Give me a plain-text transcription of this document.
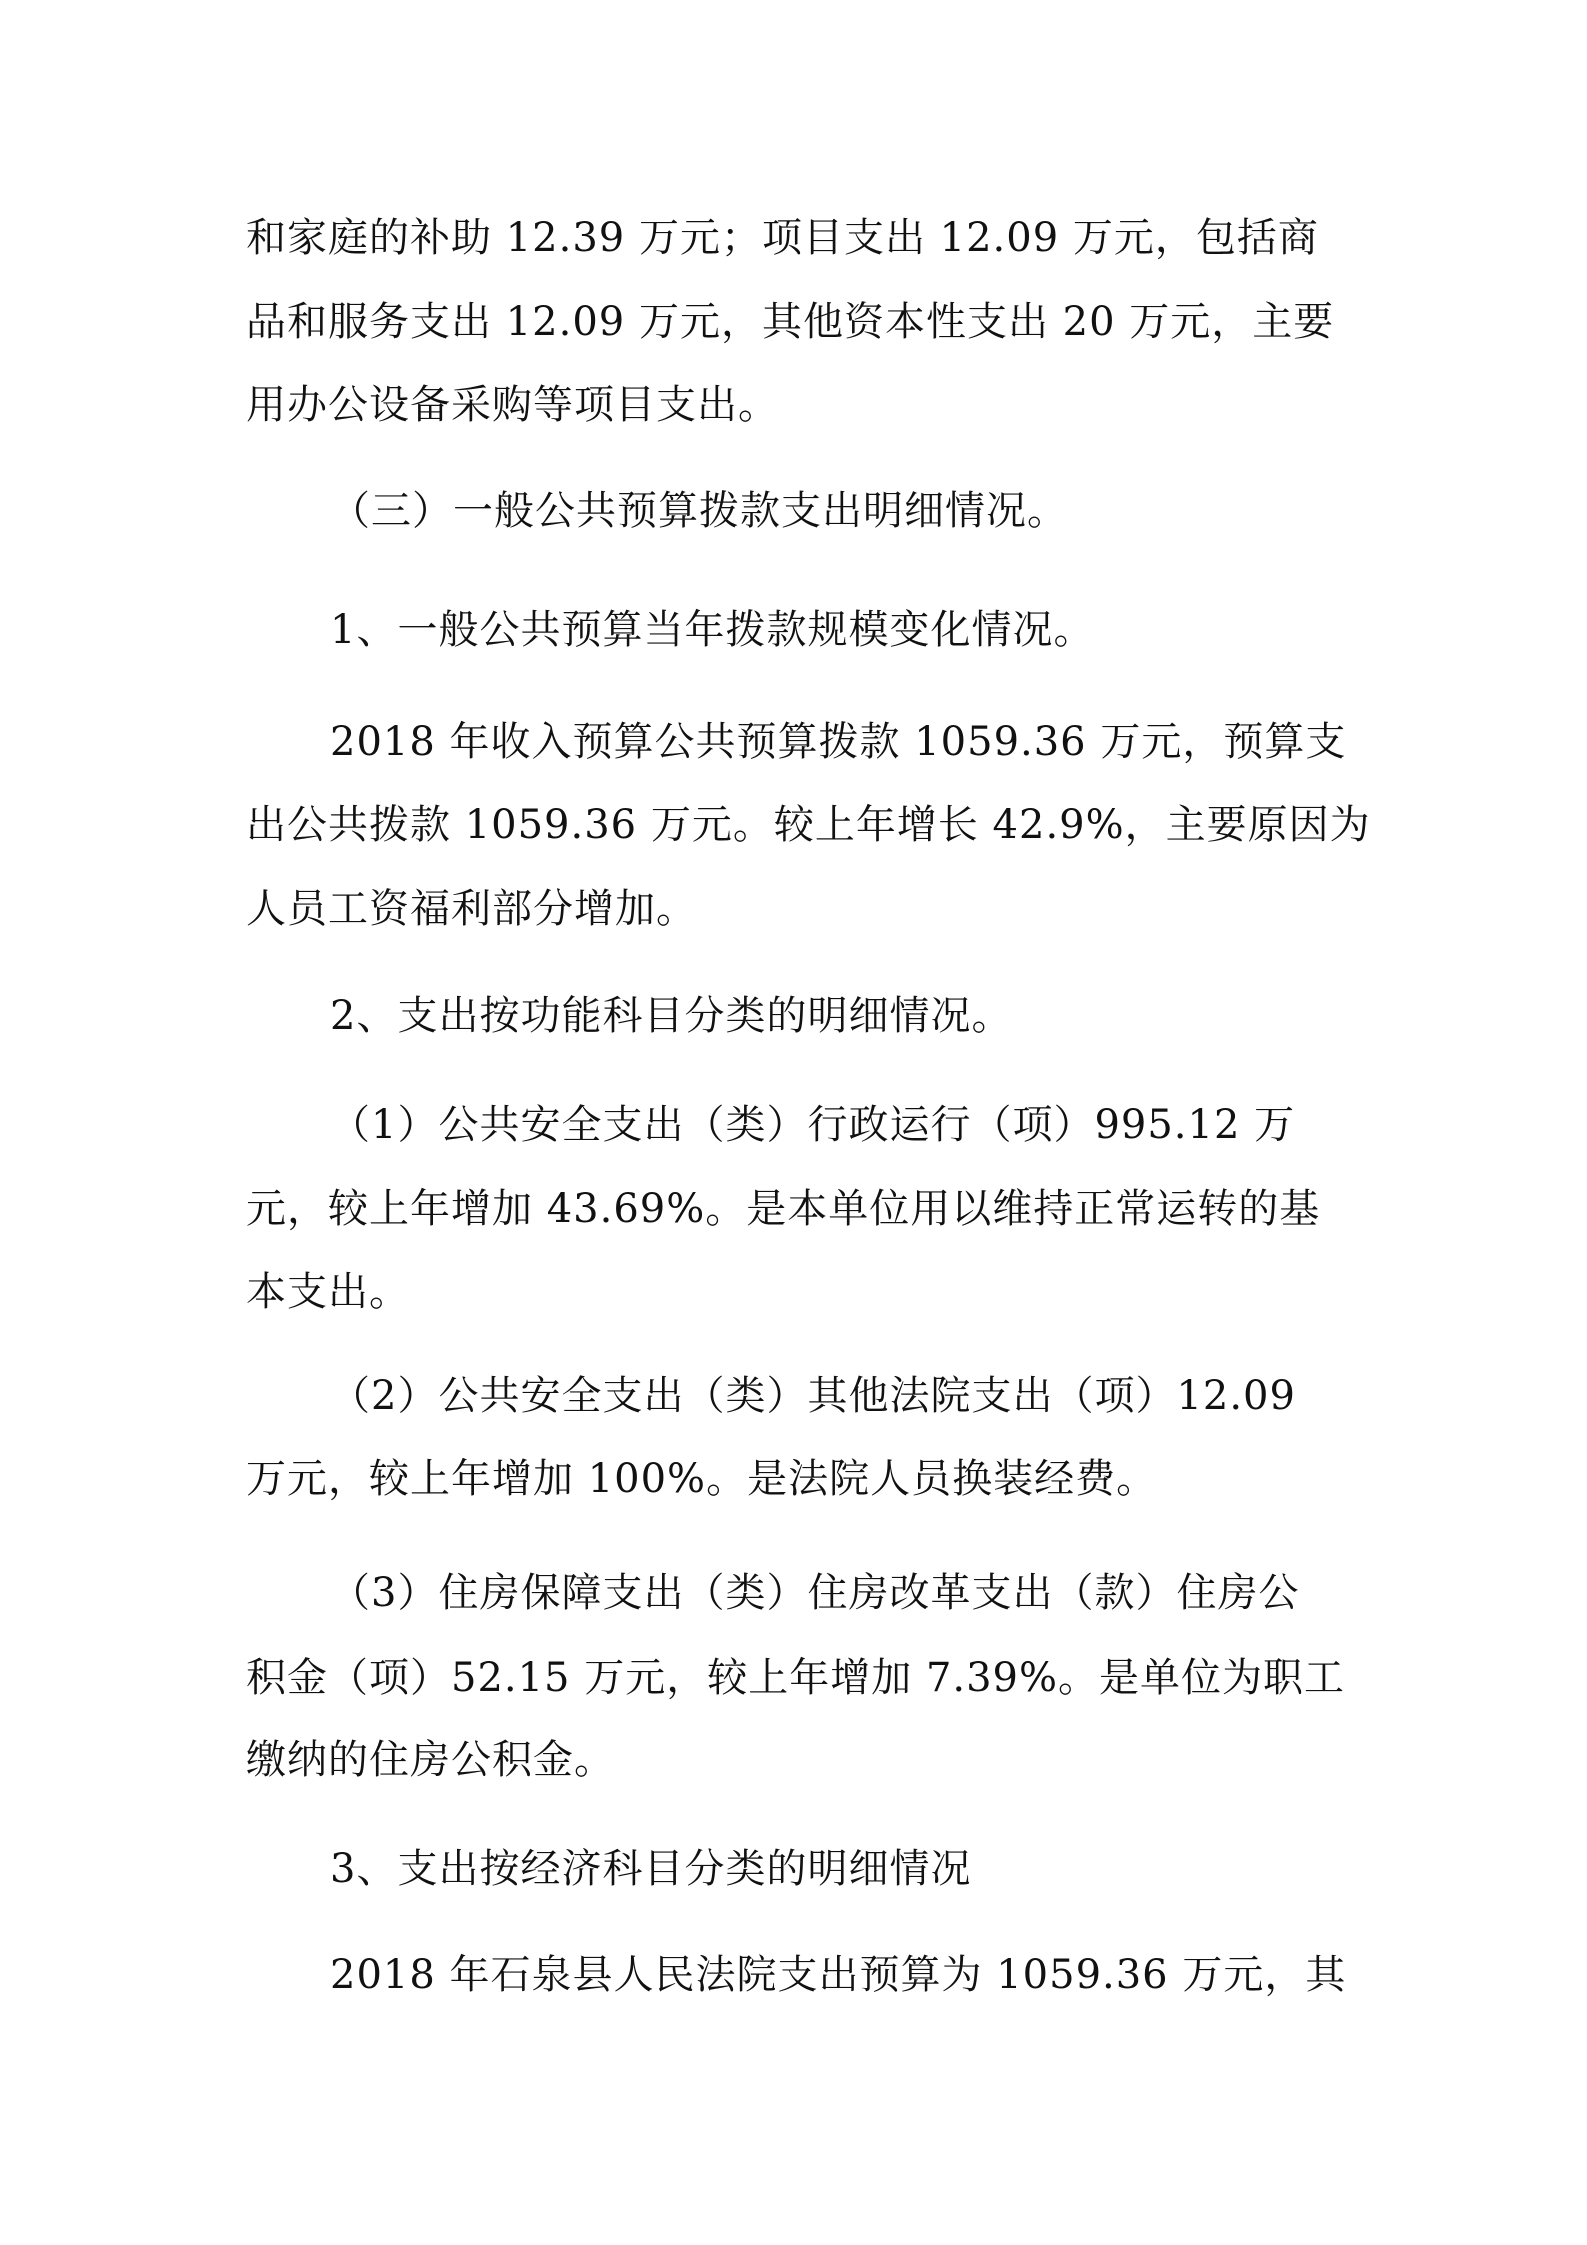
和家庭的补助 12.39 万元；项目支出 12.09 万元，包括商
品和服务支出 12.09 万元，其他资本性支出 20 万元，主要
用办公设备采购等项目支出。
（三）一般公共预算拨款支出明细情况。
1、一般公共预算当年拨款规模变化情况。
2018 年收入预算公共预算拨款 1059.36 万元，预算支
出公共拨款 1059.36 万元。较上年增长 42.9%，主要原因为
人员工资福利部分增加。
2、支出按功能科目分类的明细情况。
（1）公共安全支出（类）行政运行（项）995.12 万
元，较上年增加 43.69%。是本单位用以维持正常运转的基
本支出。
（2）公共安全支出（类）其他法院支出（项）12.09
万元，较上年增加 100%。是法院人员换装经费。
（3）住房保障支出（类）住房改革支出（款）住房公
积金（项）52.15 万元，较上年增加 7.39%。是单位为职工
缴纳的住房公积金。
3、支出按经济科目分类的明细情况
2018 年石泉县人民法院支出预算为 1059.36 万元，其
